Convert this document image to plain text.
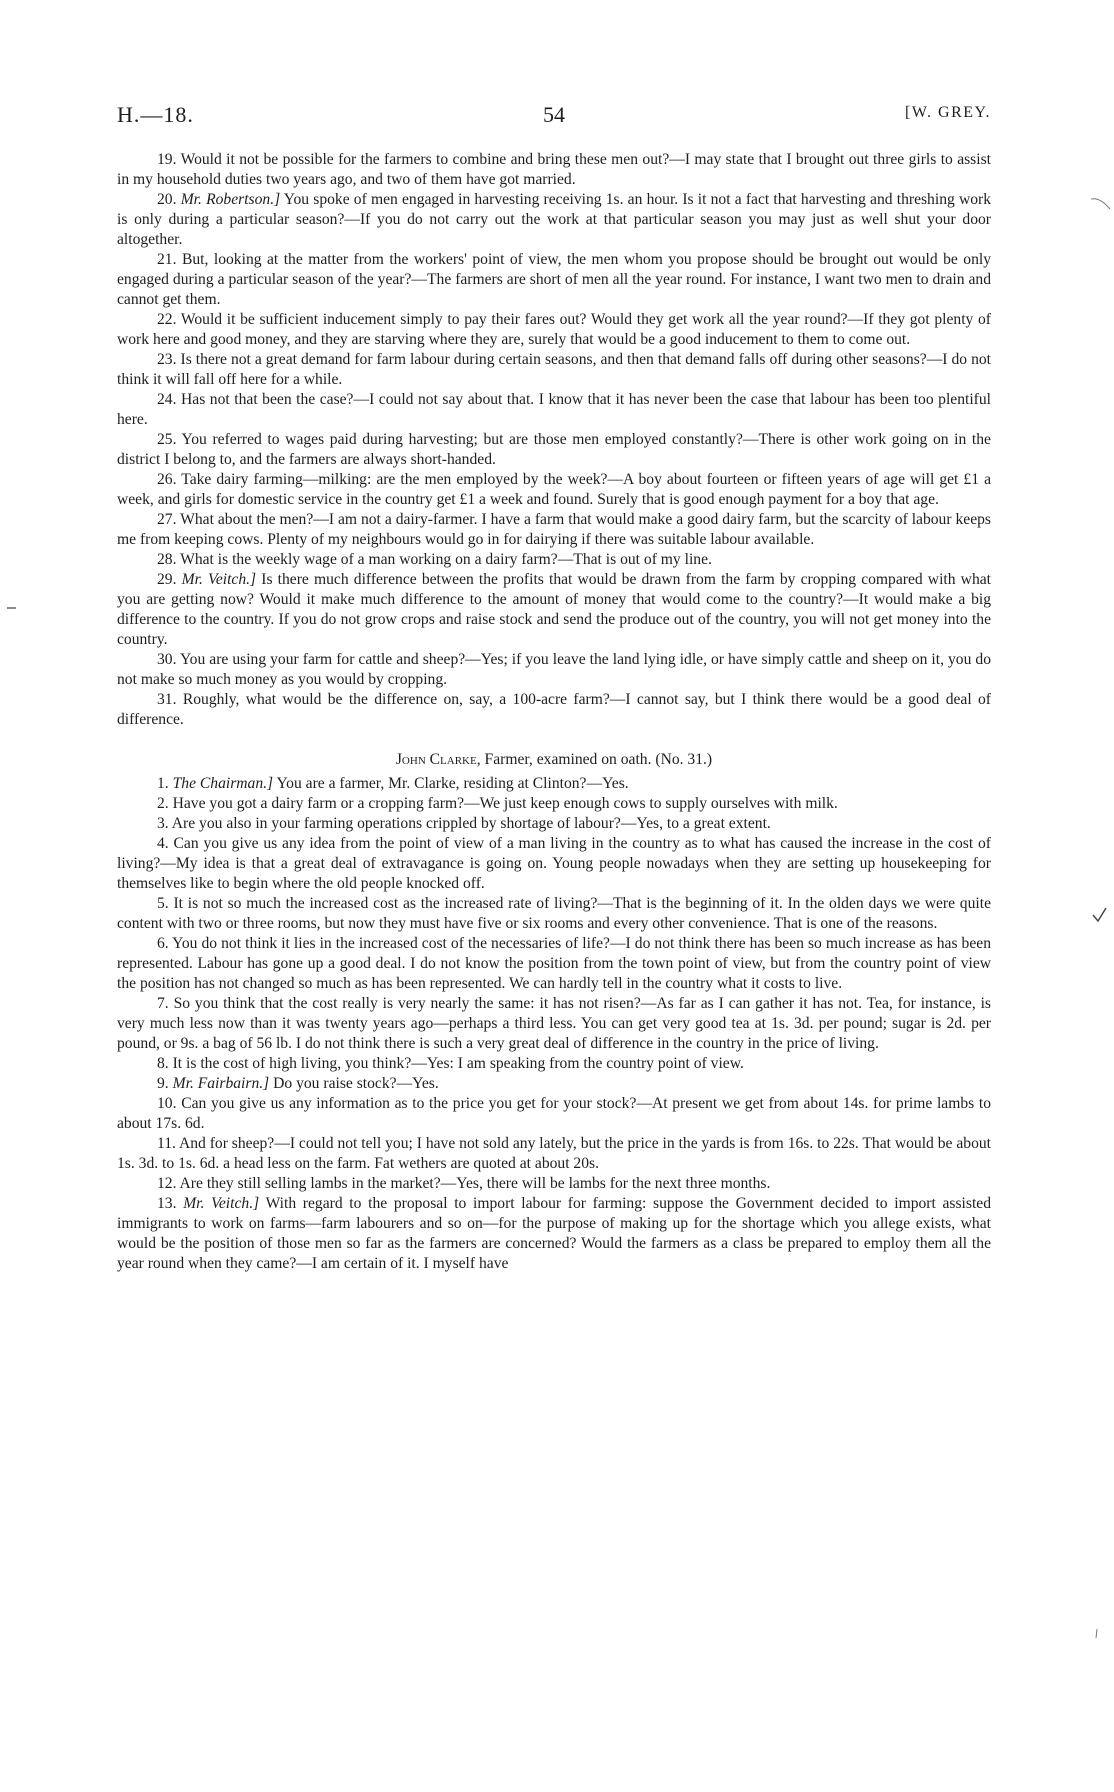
H.—18.	54	[W. GREY.

19. Would it not be possible for the farmers to combine and bring these men out?—I may state that I brought out three girls to assist in my household duties two years ago, and two of them have got married.

20. Mr. Robertson.] You spoke of men engaged in harvesting receiving 1s. an hour. Is it not a fact that harvesting and threshing work is only during a particular season?—If you do not carry out the work at that particular season you may just as well shut your door altogether.

21. But, looking at the matter from the workers' point of view, the men whom you propose should be brought out would be only engaged during a particular season of the year?—The farmers are short of men all the year round. For instance, I want two men to drain and cannot get them.

22. Would it be sufficient inducement simply to pay their fares out? Would they get work all the year round?—If they got plenty of work here and good money, and they are starving where they are, surely that would be a good inducement to them to come out.

23. Is there not a great demand for farm labour during certain seasons, and then that demand falls off during other seasons?—I do not think it will fall off here for a while.

24. Has not that been the case?—I could not say about that. I know that it has never been the case that labour has been too plentiful here.

25. You referred to wages paid during harvesting; but are those men employed constantly?—There is other work going on in the district I belong to, and the farmers are always short-handed.

26. Take dairy farming—milking: are the men employed by the week?—A boy about fourteen or fifteen years of age will get £1 a week, and girls for domestic service in the country get £1 a week and found. Surely that is good enough payment for a boy that age.

27. What about the men?—I am not a dairy-farmer. I have a farm that would make a good dairy farm, but the scarcity of labour keeps me from keeping cows. Plenty of my neighbours would go in for dairying if there was suitable labour available.

28. What is the weekly wage of a man working on a dairy farm?—That is out of my line.

29. Mr. Veitch.] Is there much difference between the profits that would be drawn from the farm by cropping compared with what you are getting now? Would it make much difference to the amount of money that would come to the country?—It would make a big difference to the country. If you do not grow crops and raise stock and send the produce out of the country, you will not get money into the country.

30. You are using your farm for cattle and sheep?—Yes; if you leave the land lying idle, or have simply cattle and sheep on it, you do not make so much money as you would by cropping.

31. Roughly, what would be the difference on, say, a 100-acre farm?—I cannot say, but I think there would be a good deal of difference.

John Clarke, Farmer, examined on oath. (No. 31.)

1. The Chairman.] You are a farmer, Mr. Clarke, residing at Clinton?—Yes.

2. Have you got a dairy farm or a cropping farm?—We just keep enough cows to supply ourselves with milk.

3. Are you also in your farming operations crippled by shortage of labour?—Yes, to a great extent.

4. Can you give us any idea from the point of view of a man living in the country as to what has caused the increase in the cost of living?—My idea is that a great deal of extravagance is going on. Young people nowadays when they are setting up housekeeping for themselves like to begin where the old people knocked off.

5. It is not so much the increased cost as the increased rate of living?—That is the beginning of it. In the olden days we were quite content with two or three rooms, but now they must have five or six rooms and every other convenience. That is one of the reasons.

6. You do not think it lies in the increased cost of the necessaries of life?—I do not think there has been so much increase as has been represented. Labour has gone up a good deal. I do not know the position from the town point of view, but from the country point of view the position has not changed so much as has been represented. We can hardly tell in the country what it costs to live.

7. So you think that the cost really is very nearly the same: it has not risen?—As far as I can gather it has not. Tea, for instance, is very much less now than it was twenty years ago—perhaps a third less. You can get very good tea at 1s. 3d. per pound; sugar is 2d. per pound, or 9s. a bag of 56 lb. I do not think there is such a very great deal of difference in the country in the price of living.

8. It is the cost of high living, you think?—Yes: I am speaking from the country point of view.

9. Mr. Fairbairn.] Do you raise stock?—Yes.

10. Can you give us any information as to the price you get for your stock?—At present we get from about 14s. for prime lambs to about 17s. 6d.

11. And for sheep?—I could not tell you; I have not sold any lately, but the price in the yards is from 16s. to 22s. That would be about 1s. 3d. to 1s. 6d. a head less on the farm. Fat wethers are quoted at about 20s.

12. Are they still selling lambs in the market?—Yes, there will be lambs for the next three months.

13. Mr. Veitch.] With regard to the proposal to import labour for farming: suppose the Government decided to import assisted immigrants to work on farms—farm labourers and so on—for the purpose of making up for the shortage which you allege exists, what would be the position of those men so far as the farmers are concerned? Would the farmers as a class be prepared to employ them all the year round when they came?—I am certain of it. I myself have
